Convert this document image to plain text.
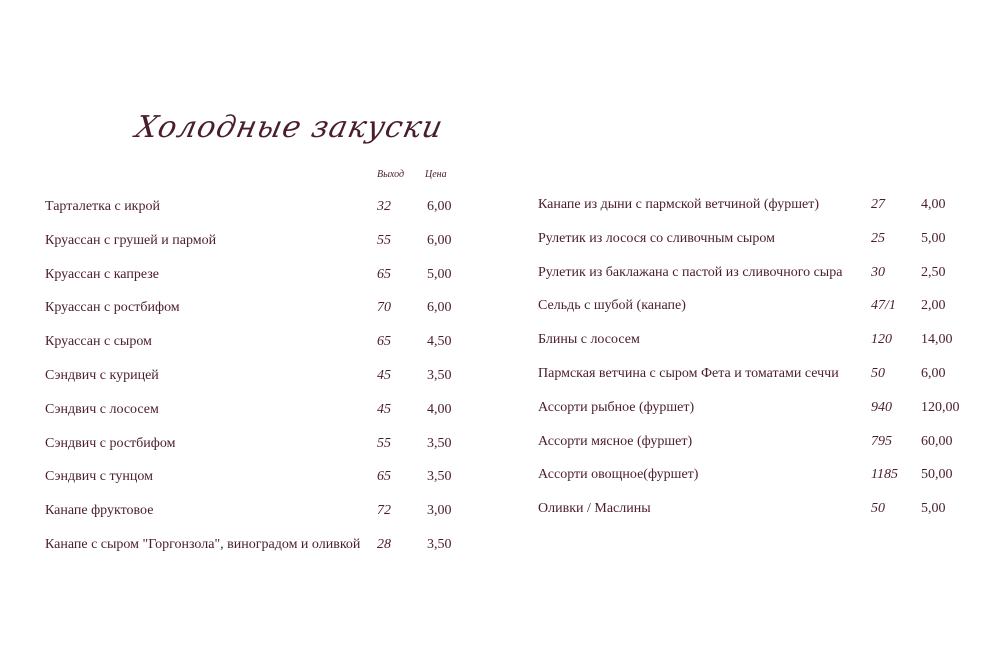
Холодные закуски
Выход Цена
Тарталетка с икрой	32	6,00
Круассан с грушей и пармой	55	6,00
Круассан с капрезе	65	5,00
Круассан с ростбифом	70	6,00
Круассан с сыром	65	4,50
Сэндвич с курицей	45	3,50
Сэндвич с лососем	45	4,00
Сэндвич с ростбифом	55	3,50
Сэндвич с тунцом	65	3,50
Канапе фруктовое	72	3,00
Канапе с сыром "Горгонзола", виноградом и оливкой 28	3,50
Канапе из дыни с пармской ветчиной (фуршет)	27	4,00
Рулетик из лосося со сливочным сыром	25	5,00
Рулетик из баклажана с пастой из сливочного сыра 30	2,50
Сельдь с шубой (канапе)	47/1 2,00
Блины с лососем	120 14,00
Пармская ветчина с сыром Фета и томатами сеччи 50	6,00
Ассорти рыбное (фуршет)	940 120,00
Ассорти мясное (фуршет)	795 60,00
Ассорти овощное(фуршет)	1185 50,00
Оливки / Маслины	50	5,00
